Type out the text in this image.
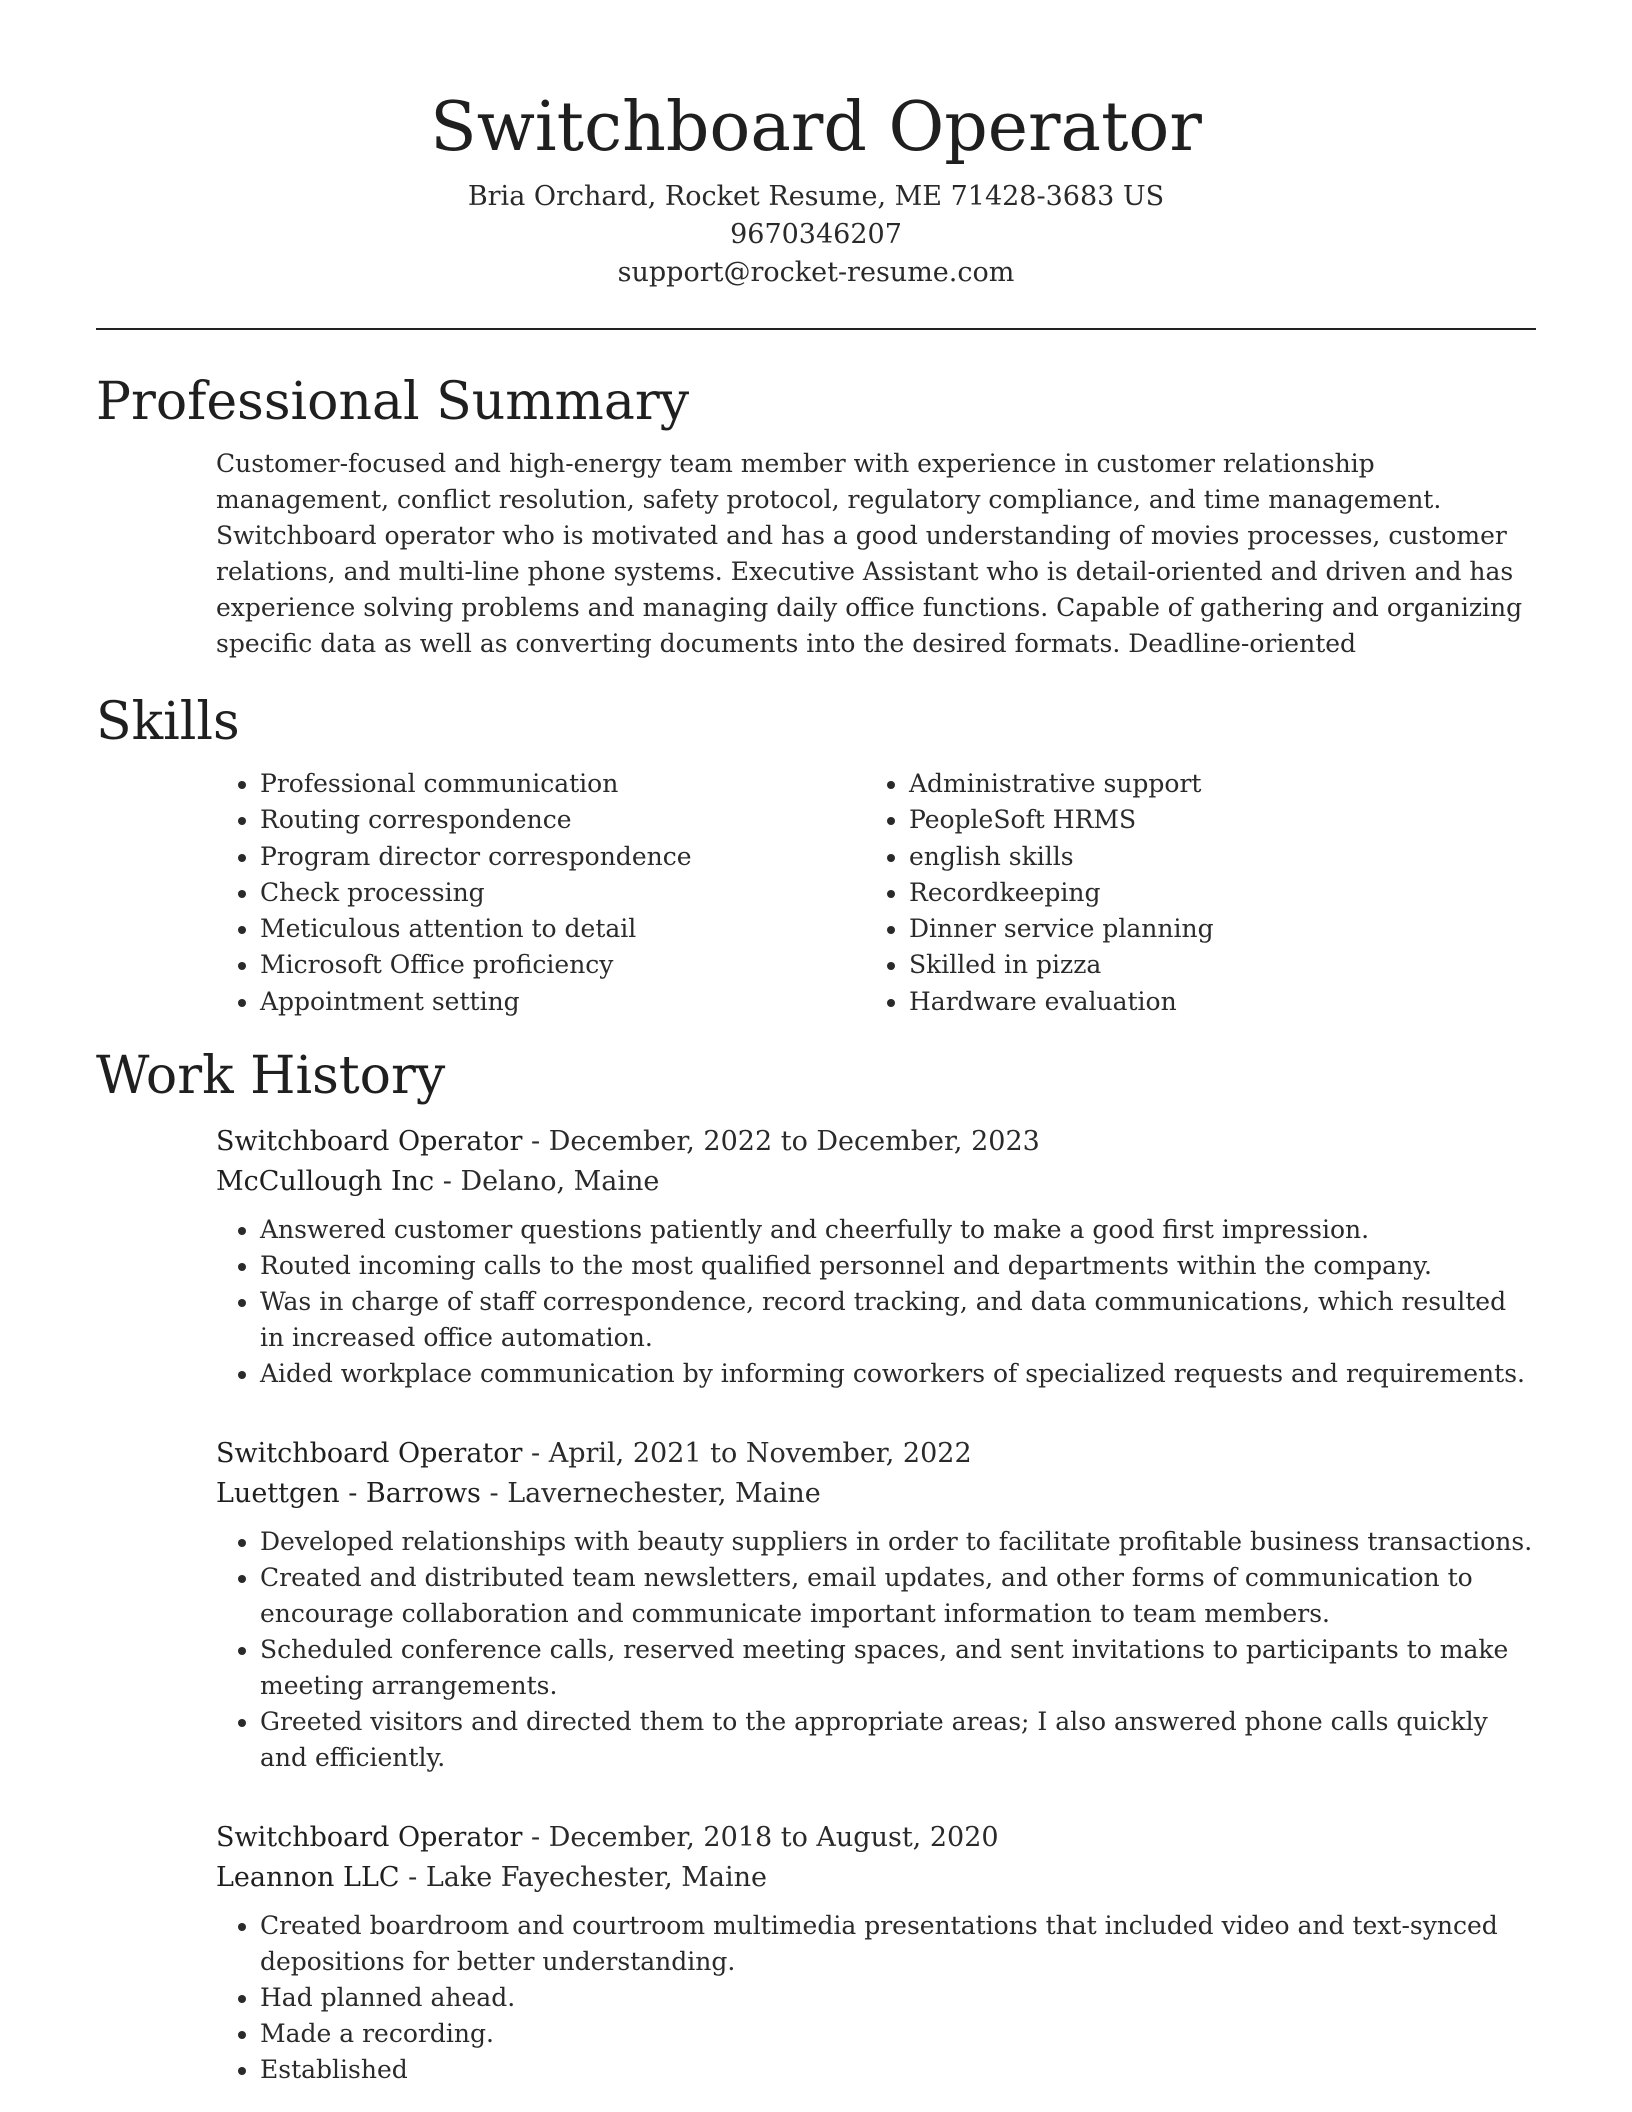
Switchboard Operator
Bria Orchard, Rocket Resume, ME 71428-3683 US
9670346207
support@rocket-resume.com
Professional Summary

Customer-focused and high-energy team member with experience in customer relationship management, conflict resolution, safety protocol, regulatory compliance, and time management. Switchboard operator who is motivated and has a good understanding of movies processes, customer relations, and multi-line phone systems. Executive Assistant who is detail-oriented and driven and has experience solving problems and managing daily office functions. Capable of gathering and organizing specific data as well as converting documents into the desired formats. Deadline-oriented

Skills
• Professional communication
• Routing correspondence
• Program director correspondence
• Check processing
• Meticulous attention to detail
• Microsoft Office proficiency
• Appointment setting
• Administrative support
• PeopleSoft HRMS
• english skills
• Recordkeeping
• Dinner service planning
• Skilled in pizza
• Hardware evaluation
Work History
Switchboard Operator - December, 2022 to December, 2023
McCullough Inc - Delano, Maine
• Answered customer questions patiently and cheerfully to make a good first impression.
• Routed incoming calls to the most qualified personnel and departments within the company.
• Was in charge of staff correspondence, record tracking, and data communications, which resulted in increased office automation.
• Aided workplace communication by informing coworkers of specialized requests and requirements.
Switchboard Operator - April, 2021 to November, 2022
Luettgen - Barrows - Lavernechester, Maine
• Developed relationships with beauty suppliers in order to facilitate profitable business transactions.
• Created and distributed team newsletters, email updates, and other forms of communication to encourage collaboration and communicate important information to team members.
• Scheduled conference calls, reserved meeting spaces, and sent invitations to participants to make meeting arrangements.
• Greeted visitors and directed them to the appropriate areas; I also answered phone calls quickly and efficiently.
Switchboard Operator - December, 2018 to August, 2020
Leannon LLC - Lake Fayechester, Maine
• Created boardroom and courtroom multimedia presentations that included video and text-synced depositions for better understanding.
• Had planned ahead.
• Made a recording.
• Established
